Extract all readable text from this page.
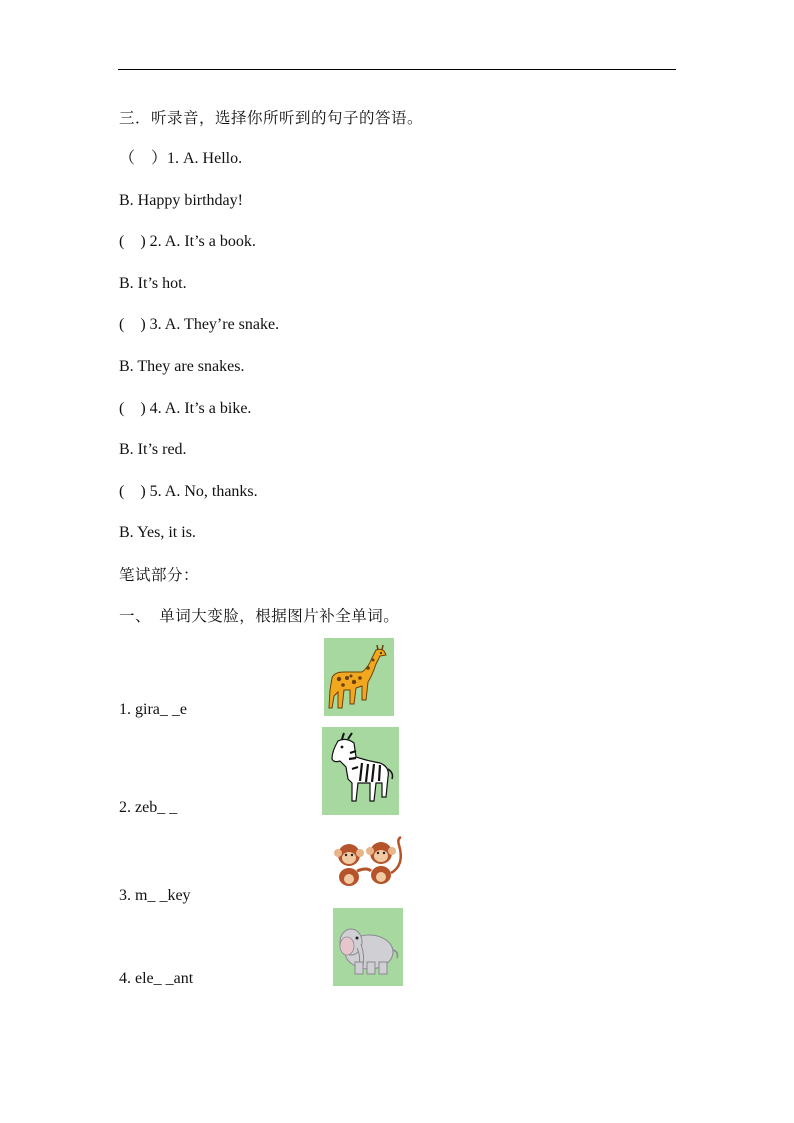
三．听录音，选择你所听到的句子的答语。
（　）1. A. Hello.
B. Happy birthday!
(　) 2. A. It’s a book.
B. It’s hot.
(　) 3. A. They’re snake.
B. They are snakes.
(　) 4. A. It’s a bike.
B. It’s red.
(　) 5. A. No, thanks.
B. Yes, it is.
笔试部分：
一、　单词大变脸，根据图片补全单词。
1. gira_ _e
2. zeb_ _
3. m_ _key
4. ele_ _ant
